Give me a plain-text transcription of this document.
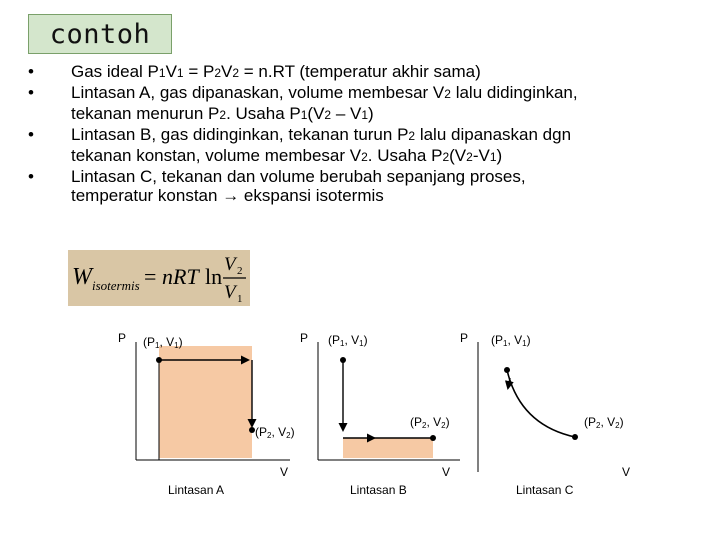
contoh
• Gas ideal P1V1 = P2V2 = n.RT (temperatur akhir sama)
• Lintasan A, gas dipanaskan, volume membesar V2 lalu didinginkan,
tekanan menurun P2. Usaha P1(V2 – V1)
• Lintasan B, gas didinginkan, tekanan turun P2 lalu dipanaskan dgn
tekanan konstan, volume membesar V2. Usaha P2(V2-V1)
• Lintasan C, tekanan dan volume berubah sepanjang proses,
temperatur konstan → ekspansi isotermis
W isotermis = nRT ln V 2
V 1
P
V
(P1, V1)
(P2, V2)
Lintasan A
P
V
(P1, V1)
(P2, V2)
Lintasan B
P
V
(P1, V1)
(P2, V2)
Lintasan C
